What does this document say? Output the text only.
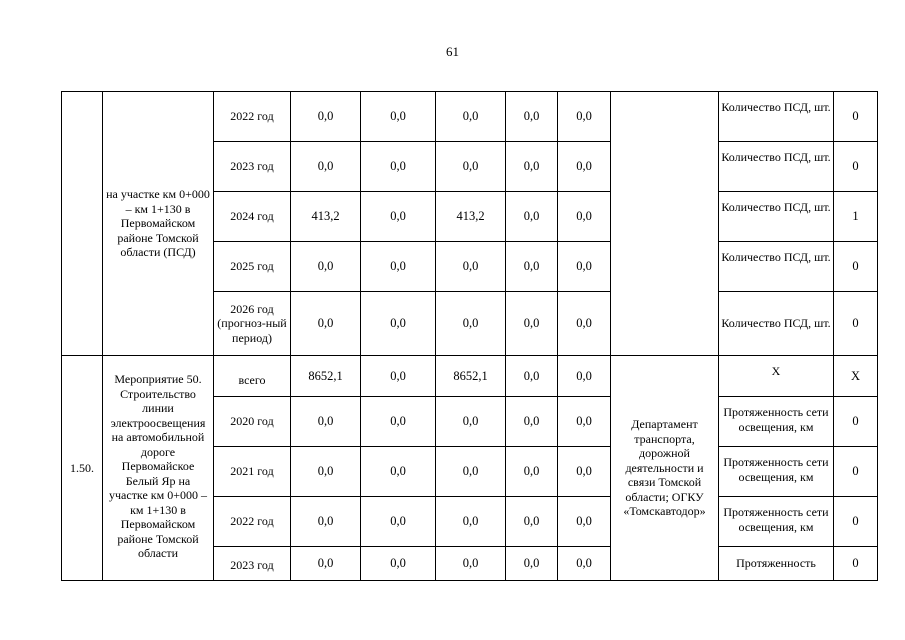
61
	на участке км 0+000 – км 1+130 в Первомайском районе Томской области (ПСД)	2022 год	0,0	0,0	0,0	0,0	0,0		Количество ПСД, шт.	0
		2023 год	0,0	0,0	0,0	0,0	0,0		Количество ПСД, шт.	0
		2024 год	413,2	0,0	413,2	0,0	0,0		Количество ПСД, шт.	1
		2025 год	0,0	0,0	0,0	0,0	0,0		Количество ПСД, шт.	0
		2026 год (прогноз-ный период)	0,0	0,0	0,0	0,0	0,0		Количество ПСД, шт.	0
1.50.	Мероприятие 50. Строительство линии электроосвещения на автомобильной дороге Первомайское Белый Яр на участке км 0+000 – км 1+130 в Первомайском районе Томской области	всего	8652,1	0,0	8652,1	0,0	0,0	Департамент транспорта, дорожной деятельности и связи Томской области; ОГКУ «Томскавтодор»	X	X
		2020 год	0,0	0,0	0,0	0,0	0,0		Протяженность сети освещения, км	0
		2021 год	0,0	0,0	0,0	0,0	0,0		Протяженность сети освещения, км	0
		2022 год	0,0	0,0	0,0	0,0	0,0		Протяженность сети освещения, км	0
		2023 год	0,0	0,0	0,0	0,0	0,0		Протяженность	0
